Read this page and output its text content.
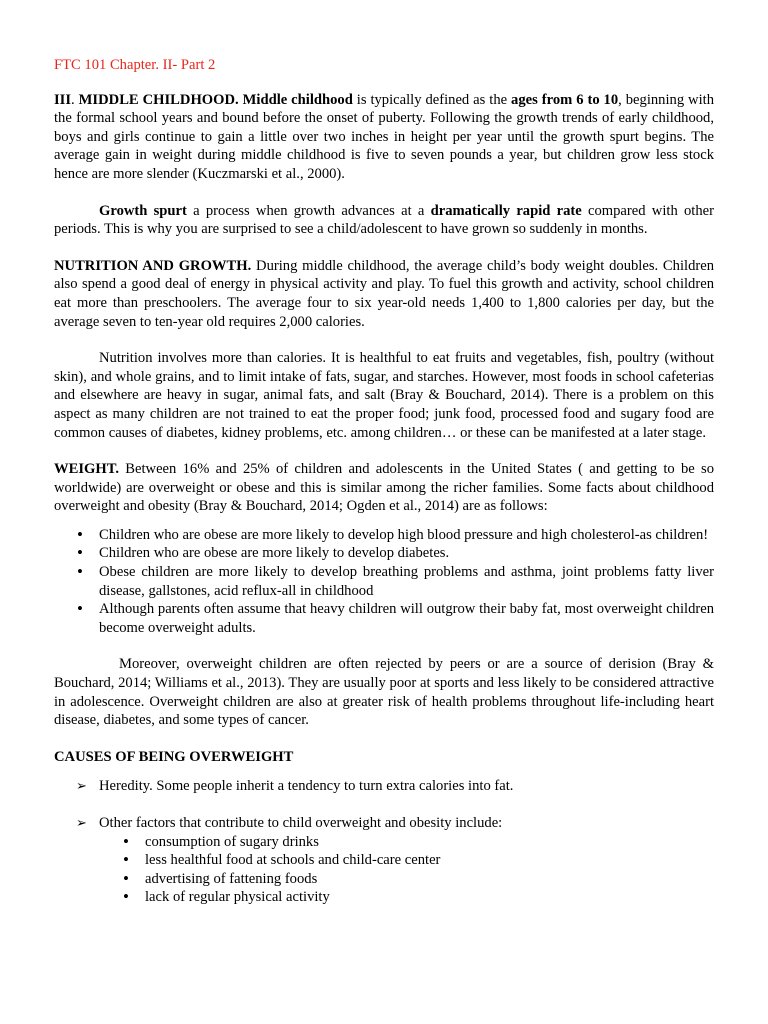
FTC 101 Chapter. II- Part 2

III. MIDDLE CHILDHOOD. Middle childhood is typically defined as the ages from 6 to 10, beginning with the formal school years and bound before the onset of puberty. Following the growth trends of early childhood, boys and girls continue to gain a little over two inches in height per year until the growth spurt begins. The average gain in weight during middle childhood is five to seven pounds a year, but children grow less stock hence are more slender (Kuczmarski et al., 2000).

Growth spurt a process when growth advances at a dramatically rapid rate compared with other periods. This is why you are surprised to see a child/adolescent to have grown so suddenly in months.

NUTRITION AND GROWTH. During middle childhood, the average child’s body weight doubles. Children also spend a good deal of energy in physical activity and play. To fuel this growth and activity, school children eat more than preschoolers. The average four to six year-old needs 1,400 to 1,800 calories per day, but the average seven to ten-year old requires 2,000 calories.

Nutrition involves more than calories. It is healthful to eat fruits and vegetables, fish, poultry (without skin), and whole grains, and to limit intake of fats, sugar, and starches. However, most foods in school cafeterias and elsewhere are heavy in sugar, animal fats, and salt (Bray & Bouchard, 2014). There is a problem on this aspect as many children are not trained to eat the proper food; junk food, processed food and sugary food are common causes of diabetes, kidney problems, etc. among children… or these can be manifested at a later stage.

WEIGHT. Between 16% and 25% of children and adolescents in the United States ( and getting to be so worldwide) are overweight or obese and this is similar among the richer families. Some facts about childhood overweight and obesity (Bray & Bouchard, 2014; Ogden et al., 2014) are as follows:

• Children who are obese are more likely to develop high blood pressure and high cholesterol-as children!
• Children who are obese are more likely to develop diabetes.
• Obese children are more likely to develop breathing problems and asthma, joint problems fatty liver disease, gallstones, acid reflux-all in childhood
• Although parents often assume that heavy children will outgrow their baby fat, most overweight children become overweight adults.

Moreover, overweight children are often rejected by peers or are a source of derision (Bray & Bouchard, 2014; Williams et al., 2013). They are usually poor at sports and less likely to be considered attractive in adolescence. Overweight children are also at greater risk of health problems throughout life-including heart disease, diabetes, and some types of cancer.

CAUSES OF BEING OVERWEIGHT

➢ Heredity. Some people inherit a tendency to turn extra calories into fat.
➢ Other factors that contribute to child overweight and obesity include:
• consumption of sugary drinks
• less healthful food at schools and child-care center
• advertising of fattening foods
• lack of regular physical activity
